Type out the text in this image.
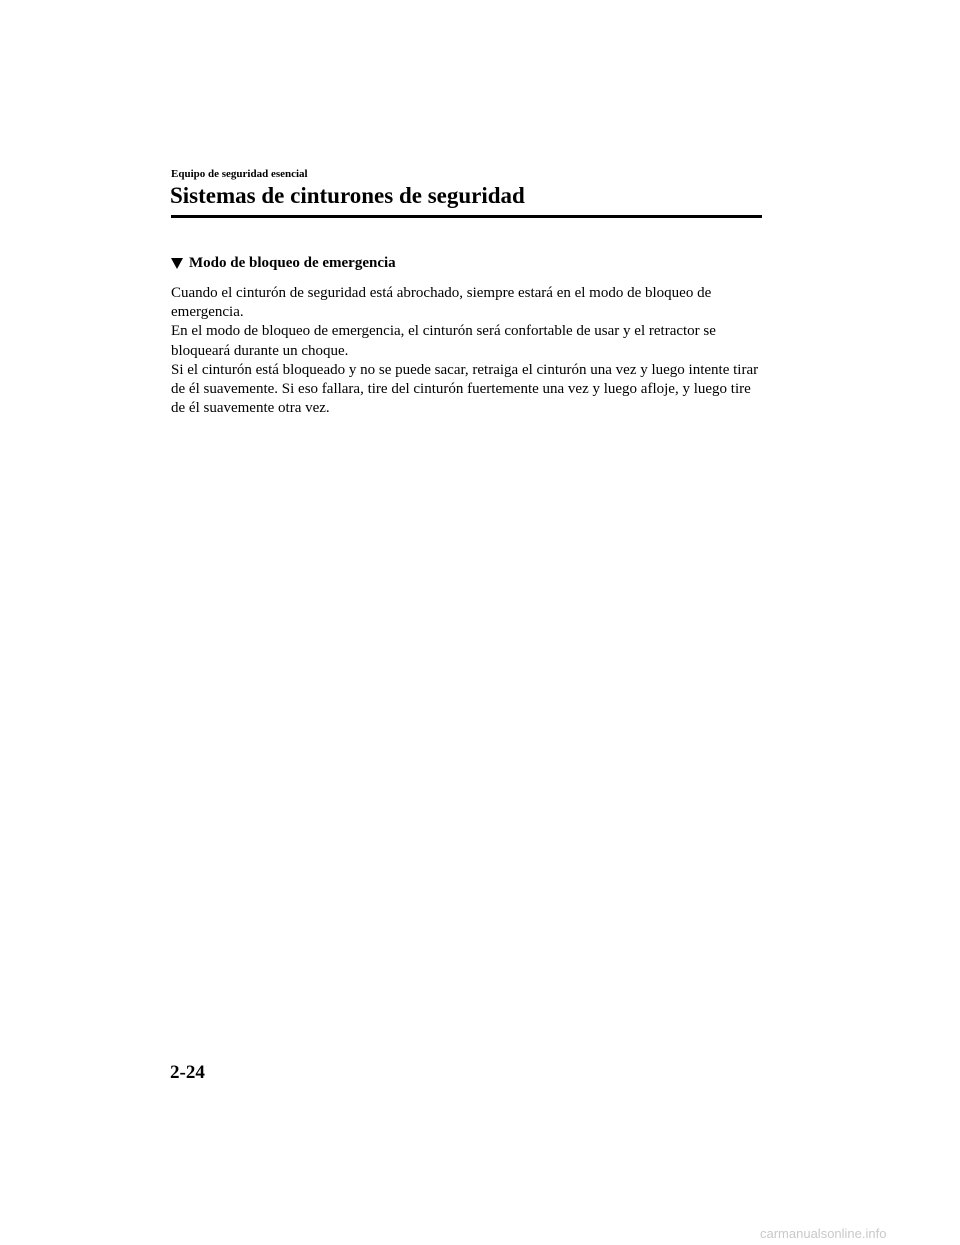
Equipo de seguridad esencial
Sistemas de cinturones de seguridad
Modo de bloqueo de emergencia

Cuando el cinturón de seguridad está abrochado, siempre estará en el modo de bloqueo de emergencia.

En el modo de bloqueo de emergencia, el cinturón será confortable de usar y el retractor se bloqueará durante un choque.

Si el cinturón está bloqueado y no se puede sacar, retraiga el cinturón una vez y luego intente tirar de él suavemente. Si eso fallara, tire del cinturón fuertemente una vez y luego afloje, y luego tire de él suavemente otra vez.

2-24
carmanualsonline.info
